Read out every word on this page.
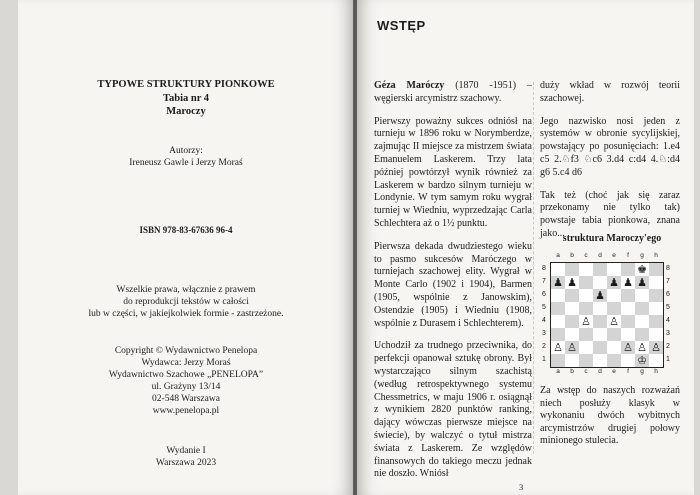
TYPOWE STRUKTURY PIONKOWE
Tabia nr 4
Maroczy
Autorzy:
Ireneusz Gawle i Jerzy Moraś
ISBN 978-83-67636 96-4
Wszelkie prawa, włącznie z prawem
do reprodukcji tekstów w całości
lub w części, w jakiejkolwiek formie - zastrzeżone.
Copyright © Wydawnictwo Penelopa
Wydawca: Jerzy Moraś
Wydawnictwo Szachowe „PENELOPA”
ul. Grażyny 13/14
02-548 Warszawa
www.penelopa.pl
Wydanie I
Warszawa 2023
WSTĘP

Géza Maróczy (1870 -1951) – węgierski arcymistrz szachowy.

Pierwszy poważny sukces odniósł na turnieju w 1896 roku w Norymberdze, zajmując II miejsce za mistrzem świata Emanuelem Laskerem. Trzy lata później powtórzył wynik również za Laskerem w bardzo silnym turnieju w Londynie. W tym samym roku wygrał turniej w Wiedniu, wyprzedzając Carla Schlechtera aż o 1½ punktu.

Pierwsza dekada dwudziestego wieku to pasmo sukcesów Maróczego w turniejach szachowej elity. Wygrał w Monte Carlo (1902 i 1904), Barmen (1905, wspólnie z Janowskim), Ostendzie (1905) i Wiedniu (1908, wspólnie z Durasem i Schlechterem).

Uchodził za trudnego przeciwnika, do perfekcji opanował sztukę obrony. Był wystarczająco silnym szachistą (według retrospektywnego systemu Chessmetrics, w maju 1906 r. osiągnął z wynikiem 2820 punktów ranking, dający wówczas pierwsze miejsce na świecie), by walczyć o tytuł mistrza świata z Laskerem. Ze względów finansowych do takiego meczu jednak nie doszło. Wniósł

duży wkład w rozwój teorii szachowej.

Jego nazwisko nosi jeden z systemów w obronie sycylijskiej, powstający po posunięciach: 1.e4 c5 2.♘f3 ♘c6 3.d4 c:d4 4.♘:d4 g6 5.c4 d6

Tak też (choć jak się zaraz przekonamy nie tylko tak) powstaje tabia pionkowa, znana jako...

struktura Maroczy'ego
a	b	c	d	e	f	g	h
8
7
6
5
4
3
2
1
♚
♟ ♟	♟ ♟ ♟
♟
♙ ♙
♙ ♙	♙ ♙ ♙
♔
8
7
6
5
4
3
2
1
a	b	c	d	e	f	g	h
Za wstęp do naszych rozważań niech posłuży klasyk w wykonaniu dwóch wybitnych arcymistrzów drugiej połowy minionego stulecia.
3
